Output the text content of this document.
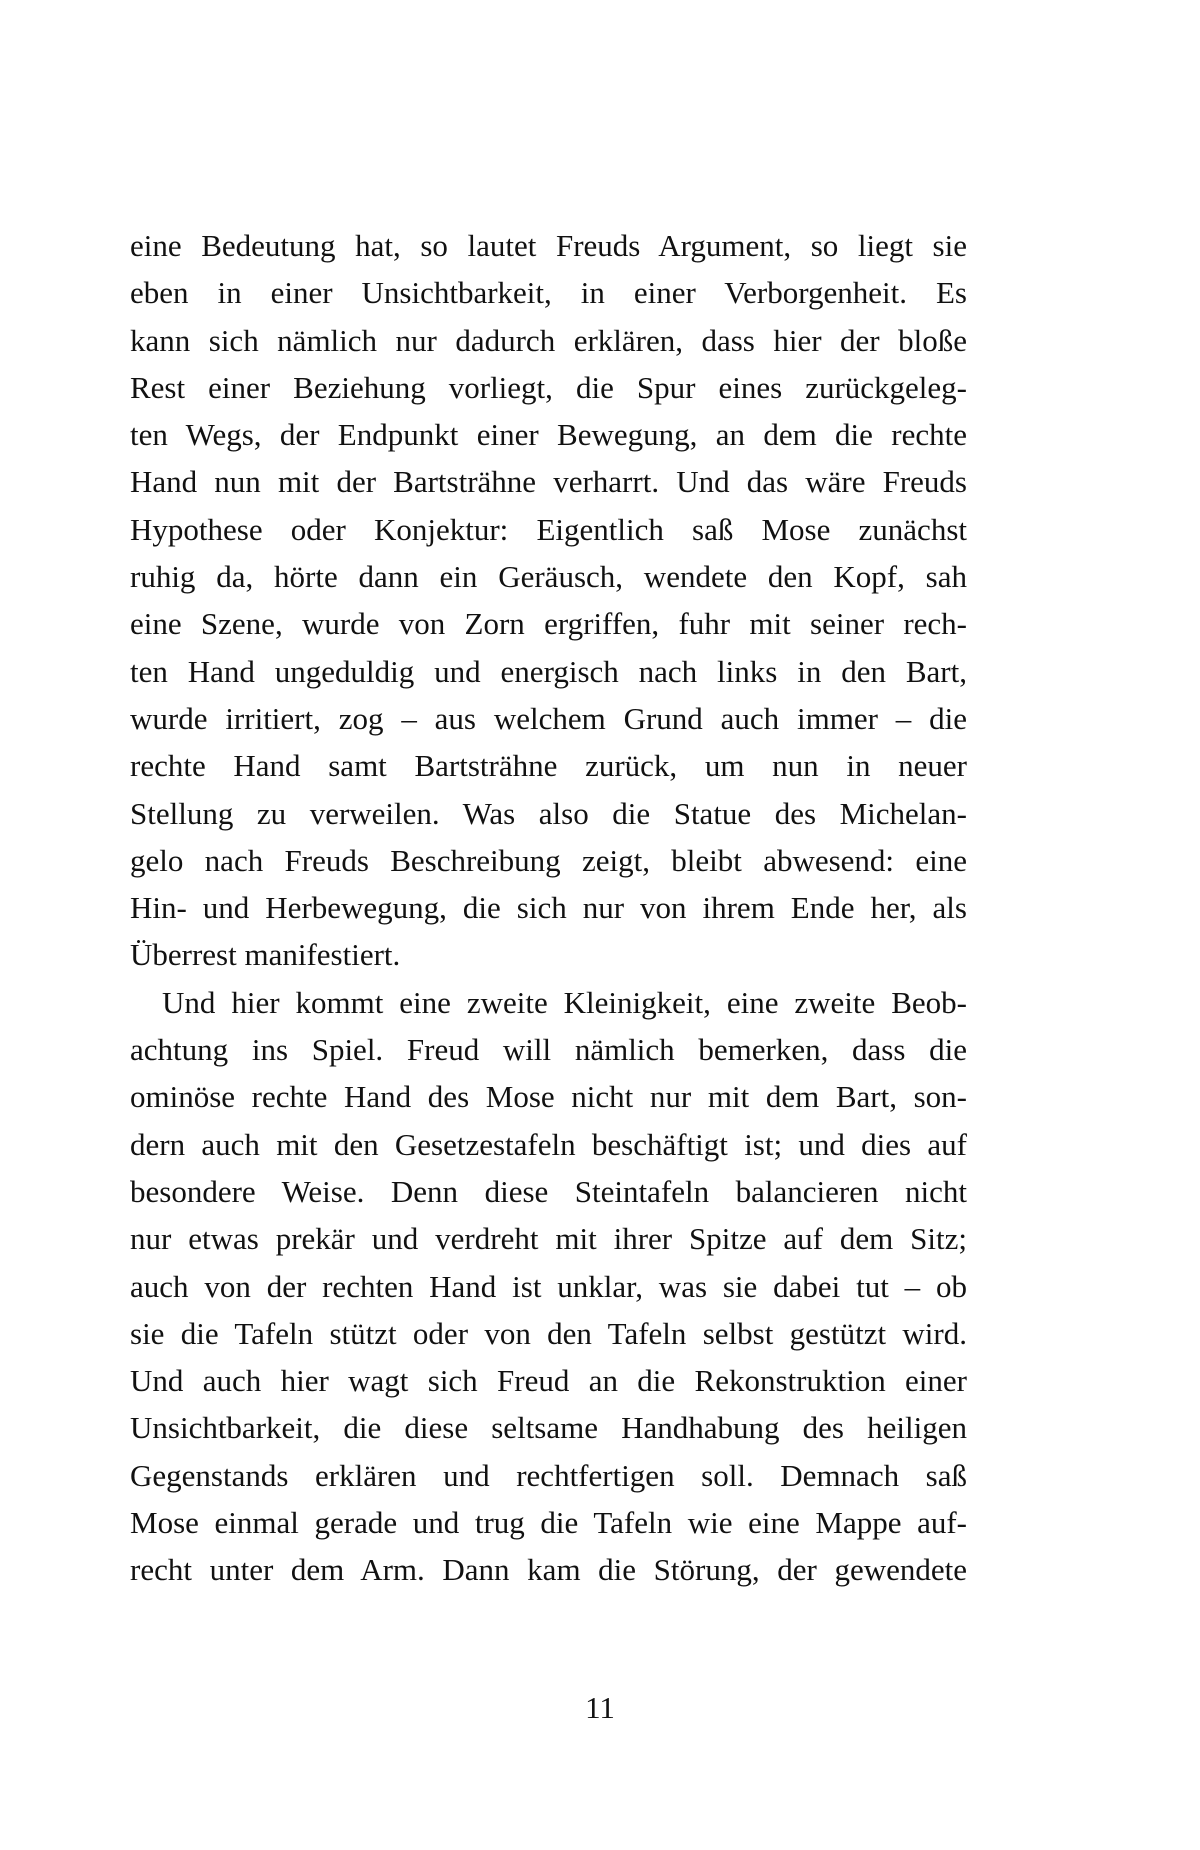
eine Bedeutung hat, so lautet Freuds Argument, so liegt sie
eben in einer Unsichtbarkeit, in einer Verborgenheit. Es
kann sich nämlich nur dadurch erklären, dass hier der bloße
Rest einer Beziehung vorliegt, die Spur eines zurückgeleg-
ten Wegs, der Endpunkt einer Bewegung, an dem die rechte
Hand nun mit der Bartsträhne verharrt. Und das wäre Freuds
Hypothese oder Konjektur: Eigentlich saß Mose zunächst
ruhig da, hörte dann ein Geräusch, wendete den Kopf, sah
eine Szene, wurde von Zorn ergriffen, fuhr mit seiner rech-
ten Hand ungeduldig und energisch nach links in den Bart,
wurde irritiert, zog – aus welchem Grund auch immer – die
rechte Hand samt Bartsträhne zurück, um nun in neuer
Stellung zu verweilen. Was also die Statue des Michelan-
gelo nach Freuds Beschreibung zeigt, bleibt abwesend: eine
Hin- und Herbewegung, die sich nur von ihrem Ende her, als
Überrest manifestiert.
Und hier kommt eine zweite Kleinigkeit, eine zweite Beob-
achtung ins Spiel. Freud will nämlich bemerken, dass die
ominöse rechte Hand des Mose nicht nur mit dem Bart, son-
dern auch mit den Gesetzestafeln beschäftigt ist; und dies auf
besondere Weise. Denn diese Steintafeln balancieren nicht
nur etwas prekär und verdreht mit ihrer Spitze auf dem Sitz;
auch von der rechten Hand ist unklar, was sie dabei tut – ob
sie die Tafeln stützt oder von den Tafeln selbst gestützt wird.
Und auch hier wagt sich Freud an die Rekonstruktion einer
Unsichtbarkeit, die diese seltsame Handhabung des heiligen
Gegenstands erklären und rechtfertigen soll. Demnach saß
Mose einmal gerade und trug die Tafeln wie eine Mappe auf-
recht unter dem Arm. Dann kam die Störung, der gewendete
11
